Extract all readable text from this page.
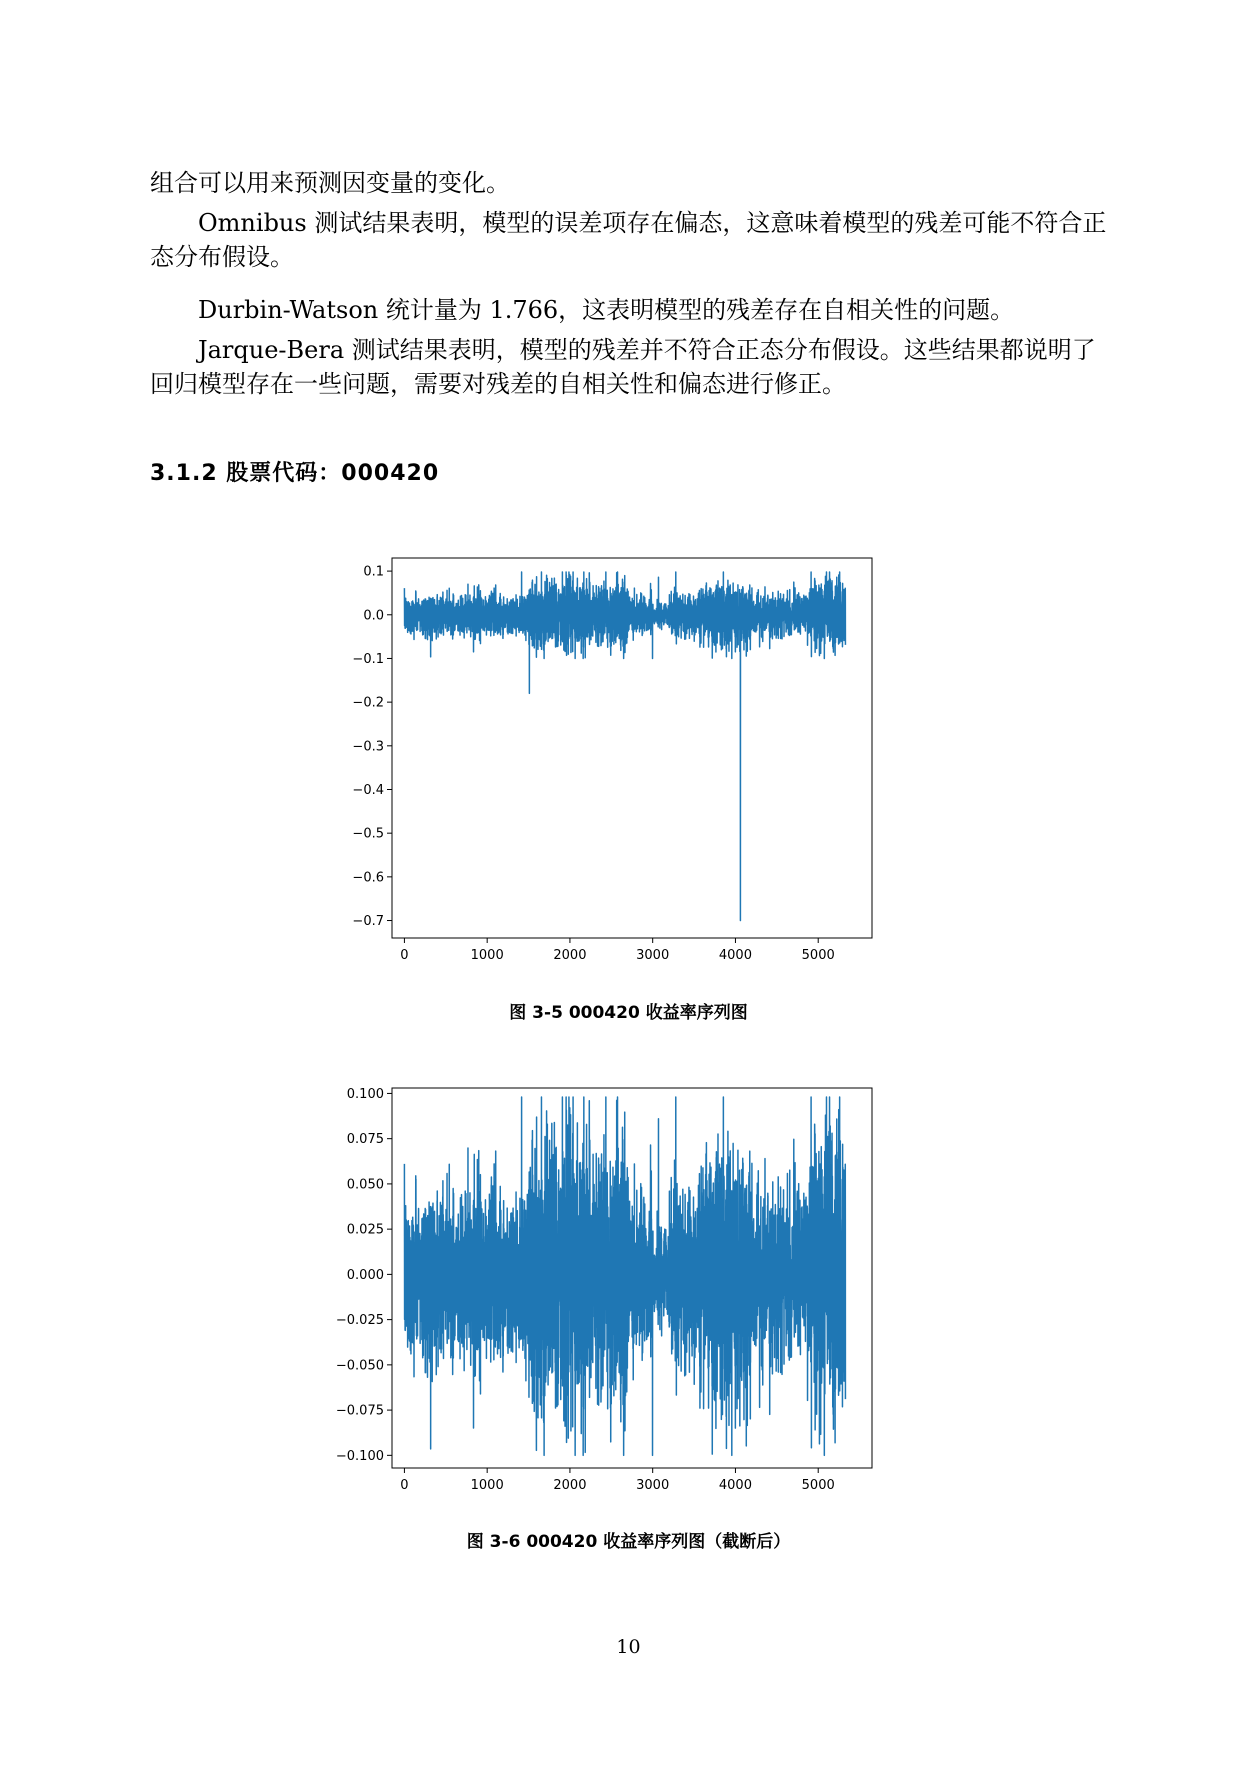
组合可以用来预测因变量的变化。

Omnibus 测试结果表明，模型的误差项存在偏态，这意味着模型的残差可能不符合正态分布假设。

Durbin-Watson 统计量为 1.766，这表明模型的残差存在自相关性的问题。

Jarque-Bera 测试结果表明，模型的残差并不符合正态分布假设。这些结果都说明了回归模型存在一些问题，需要对残差的自相关性和偏态进行修正。

3.1.2 股票代码：000420
0.1
0.0
−0.1
−0.2
−0.3
−0.4
−0.5
−0.6
−0.7
0	1000	2000	3000	4000	5000
图 3-5 000420 收益率序列图
0.100
0.075
0.050
0.025
0.000
−0.025
−0.050
−0.075
−0.100
0	1000	2000	3000	4000	5000
图 3-6 000420 收益率序列图（截断后）
10
